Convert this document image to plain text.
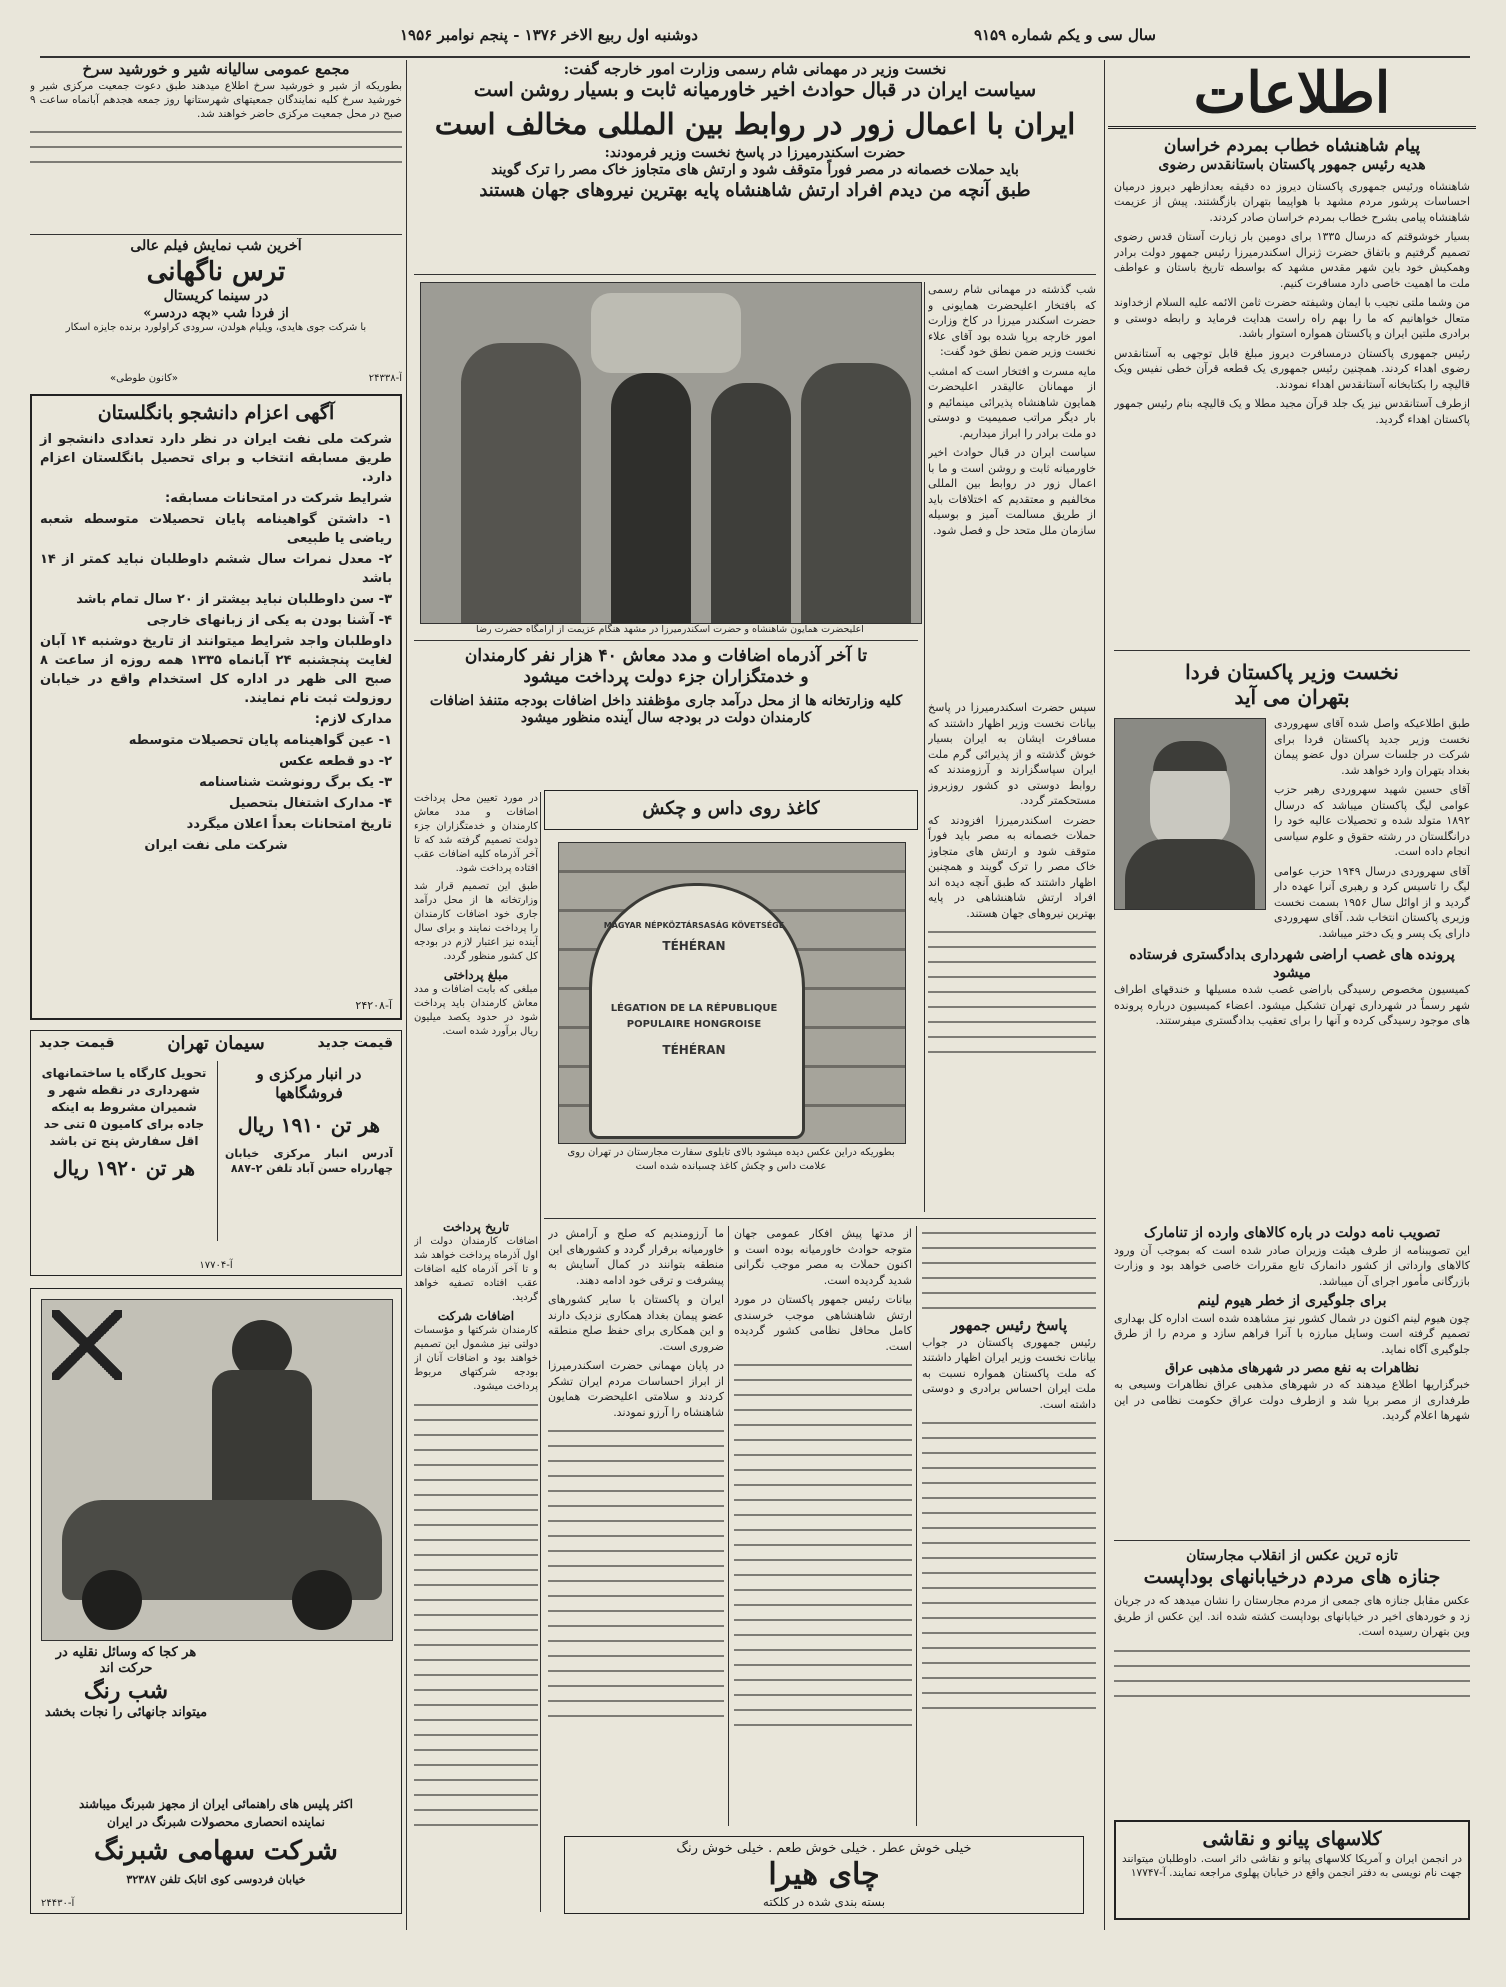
سال سی و یکم شماره ۹۱۵۹
دوشنبه اول ربیع الاخر ۱۳۷۶ - پنجم نوامبر ۱۹۵۶
اطلاعات

پیام شاهنشاه خطاب بمردم خراسان

هدیه رئیس جمهور پاکستان باستانقدس رضوی

شاهنشاه ورئیس جمهوری پاکستان دیروز ده دقیقه بعدازظهر دیروز درمیان احساسات پرشور مردم مشهد با هواپیما بتهران بازگشتند. پیش از عزیمت شاهنشاه پیامی بشرح خطاب بمردم خراسان صادر کردند.

بسیار خوشوقتم که درسال ۱۳۳۵ برای دومین بار زیارت آستان قدس رضوی تصمیم گرفتیم و باتفاق حضرت ژنرال اسکندرمیرزا رئیس جمهور دولت برادر وهمکیش خود باین شهر مقدس مشهد که بواسطه تاریخ باستان و عواطف ملت ما اهمیت خاصی دارد مسافرت کنیم.

من وشما ملتی نجیب با ایمان وشیفته حضرت ثامن الائمه علیه السلام ازخداوند متعال خواهانیم که ما را بهم راه راست هدایت فرماید و رابطه دوستی و برادری ملتین ایران و پاکستان همواره استوار باشد.

رئیس جمهوری پاکستان درمسافرت دیروز مبلغ قابل توجهی به آستانقدس رضوی اهداء کردند. همچنین رئیس جمهوری یک قطعه قرآن خطی نفیس ویک قالیچه را بکتابخانه آستانقدس اهداء نمودند.

ازطرف آستانقدس نیز یک جلد قرآن مجید مطلا و یک قالیچه بنام رئیس جمهور پاکستان اهداء گردید.

نخست وزیر پاکستان فردا

بتهران می آید

طبق اطلاعیکه واصل شده آقای سهروردی نخست وزیر جدید پاکستان فردا برای شرکت در جلسات سران دول عضو پیمان بغداد بتهران وارد خواهد شد.

آقای حسین شهید سهروردی رهبر حزب عوامی لیگ پاکستان میباشد که درسال ۱۸۹۲ متولد شده و تحصیلات عالیه خود را درانگلستان در رشته حقوق و علوم سیاسی انجام داده است.

آقای سهروردی درسال ۱۹۴۹ حزب عوامی لیگ را تاسیس کرد و رهبری آنرا عهده دار گردید و از اوائل سال ۱۹۵۶ بسمت نخست وزیری پاکستان انتخاب شد. آقای سهروردی دارای یک پسر و یک دختر میباشد.

پرونده های غصب اراضی شهرداری بدادگستری فرستاده میشود

کمیسیون مخصوص رسیدگی باراضی غصب شده مسیلها و خندقهای اطراف شهر رسماً در شهرداری تهران تشکیل میشود. اعضاء کمیسیون درباره پرونده های موجود رسیدگی کرده و آنها را برای تعقیب بدادگستری میفرستند.

تصویب نامه دولت در باره کالاهای وارده از تنامارک

این تصویبنامه از طرف هیئت وزیران صادر شده است که بموجب آن ورود کالاهای وارداتی از کشور دانمارک تابع مقررات خاصی خواهد بود و وزارت بازرگانی مأمور اجرای آن میباشد.

برای جلوگیری از خطر هیوم لینم

چون هیوم لینم اکنون در شمال کشور نیز مشاهده شده است اداره کل بهداری تصمیم گرفته است وسایل مبارزه با آنرا فراهم سازد و مردم را از طرق جلوگیری آگاه نماید.

نظاهرات به نفع مصر در شهرهای مذهبی عراق

خبرگزاریها اطلاع میدهند که در شهرهای مذهبی عراق نظاهرات وسیعی به طرفداری از مصر برپا شد و ازطرف دولت عراق حکومت نظامی در این شهرها اعلام گردید.

تازه ترین عکس از انقلاب مجارستان

جنازه های مردم درخیابانهای بوداپست

عکس مقابل جنازه های جمعی از مردم مجارستان را نشان میدهد که در جریان زد و خوردهای اخیر در خیابانهای بوداپست کشته شده اند. این عکس از طریق وین بتهران رسیده است.

کلاسهای پیانو و نقاشی

در انجمن ایران و آمریکا کلاسهای پیانو و نقاشی دائر است. داوطلبان میتوانند جهت نام نویسی به دفتر انجمن واقع در خیابان پهلوی مراجعه نمایند. آ-۱۷۷۴۷

نخست وزیر در مهمانی شام رسمی وزارت امور خارجه گفت:

سیاست ایران در قبال حوادث اخیر خاورمیانه ثابت و بسیار روشن است

ایران با اعمال زور در روابط بین المللی مخالف است

حضرت اسکندرمیرزا در پاسخ نخست وزیر فرمودند:

باید حملات خصمانه در مصر فوراً متوقف شود و ارتش های متجاوز خاک مصر را ترک گویند

طبق آنچه من دیدم افراد ارتش شاهنشاه پایه بهترین نیروهای جهان هستند

اعلیحضرت همایون شاهنشاه و حضرت اسکندرمیرزا در مشهد هنگام عزیمت از آرامگاه حضرت رضا

شب گذشته در مهمانی شام رسمی که بافتخار اعلیحضرت همایونی و حضرت اسکندر میرزا در کاخ وزارت امور خارجه برپا شده بود آقای علاء نخست وزیر ضمن نطق خود گفت:

مایه مسرت و افتخار است که امشب از مهمانان عالیقدر اعلیحضرت همایون شاهنشاه پذیرائی مینمائیم و بار دیگر مراتب صمیمیت و دوستی دو ملت برادر را ابراز میداریم.

سیاست ایران در قبال حوادث اخیر خاورمیانه ثابت و روشن است و ما با اعمال زور در روابط بین المللی مخالفیم و معتقدیم که اختلافات باید از طریق مسالمت آمیز و بوسیله سازمان ملل متحد حل و فصل شود.

تا آخر آذرماه اضافات و مدد معاش ۴۰ هزار نفر کارمندان

و خدمتگزاران جزء دولت پرداخت میشود

کلیه وزارتخانه ها از محل درآمد جاری مؤظفند داخل اضافات بودجه متنفذ اضافات کارمندان دولت در بودجه سال آینده منظور میشود

سپس حضرت اسکندرمیرزا در پاسخ بیانات نخست وزیر اظهار داشتند که مسافرت ایشان به ایران بسیار خوش گذشته و از پذیرائی گرم ملت ایران سپاسگزارند و آرزومندند که روابط دوستی دو کشور روزبروز مستحکمتر گردد.

حضرت اسکندرمیرزا افزودند که حملات خصمانه به مصر باید فوراً متوقف شود و ارتش های متجاوز خاک مصر را ترک گویند و همچنین اظهار داشتند که طبق آنچه دیده اند افراد ارتش شاهنشاهی در پایه بهترین نیروهای جهان هستند.

کاغذ روی داس و چکش

MAGYAR NÉPKÖZTÁRSASÁG KÖVETSÉGE
TÉHÉRAN
LÉGATION DE LA RÉPUBLIQUE
POPULAIRE HONGROISE
TÉHÉRAN
بطوریکه دراین عکس دیده میشود بالای تابلوی سفارت مجارستان در تهران روی علامت داس و چکش کاغذ چسبانده شده است

در مورد تعیین محل پرداخت اضافات و مدد معاش کارمندان و خدمتگزاران جزء دولت تصمیم گرفته شد که تا آخر آذرماه کلیه اضافات عقب افتاده پرداخت شود.

طبق این تصمیم قرار شد وزارتخانه ها از محل درآمد جاری خود اضافات کارمندان را پرداخت نمایند و برای سال آینده نیز اعتبار لازم در بودجه کل کشور منظور گردد.

مبلغ پرداختی

مبلغی که بابت اضافات و مدد معاش کارمندان باید پرداخت شود در حدود یکصد میلیون ریال برآورد شده است.

تاریخ پرداخت

اضافات کارمندان دولت از اول آذرماه پرداخت خواهد شد و تا آخر آذرماه کلیه اضافات عقب افتاده تصفیه خواهد گردید.

اضافات شرکت

کارمندان شرکتها و مؤسسات دولتی نیز مشمول این تصمیم خواهند بود و اضافات آنان از بودجه شرکتهای مربوط پرداخت میشود.

ما آرزومندیم که صلح و آرامش در خاورمیانه برقرار گردد و کشورهای این منطقه بتوانند در کمال آسایش به پیشرفت و ترقی خود ادامه دهند.

ایران و پاکستان با سایر کشورهای عضو پیمان بغداد همکاری نزدیک دارند و این همکاری برای حفظ صلح منطقه ضروری است.

در پایان مهمانی حضرت اسکندرمیرزا از ابراز احساسات مردم ایران تشکر کردند و سلامتی اعلیحضرت همایون شاهنشاه را آرزو نمودند.

از مدتها پیش افکار عمومی جهان متوجه حوادث خاورمیانه بوده است و اکنون حملات به مصر موجب نگرانی شدید گردیده است.

بیانات رئیس جمهور پاکستان در مورد ارتش شاهنشاهی موجب خرسندی کامل محافل نظامی کشور گردیده است.

پاسخ رئیس جمهور

رئیس جمهوری پاکستان در جواب بیانات نخست وزیر ایران اظهار داشتند که ملت پاکستان همواره نسبت به ملت ایران احساس برادری و دوستی داشته است.

خیلی خوش عطر . خیلی خوش طعم . خیلی خوش رنگ
چای هیرا
بسته بندی شده در کلکته

مجمع عمومی سالیانه شیر و خورشید سرخ

بطوریکه از شیر و خورشید سرخ اطلاع میدهند طبق دعوت جمعیت مرکزی شیر و خورشید سرخ کلیه نمایندگان جمعیتهای شهرستانها روز جمعه هجدهم آبانماه ساعت ۹ صبح در محل جمعیت مرکزی حاضر خواهند شد.

آخرین شب نمایش فیلم عالی

ترس ناگهانی

در سینما کریستال

از فردا شب «بچه دردسر»

با شرکت جوی هایدی، ویلیام هولدن، سرودی کراولورد برنده جایزه اسکار

آ-۲۴۳۳۸
«کانون طوطی»

آگهی اعزام دانشجو بانگلستان

شرکت ملی نفت ایران در نظر دارد تعدادی دانشجو از طریق مسابقه انتخاب و برای تحصیل بانگلستان اعزام دارد.

شرایط شرکت در امتحانات مسابقه:

۱- داشتن گواهینامه پایان تحصیلات متوسطه شعبه ریاضی یا طبیعی

۲- معدل نمرات سال ششم داوطلبان نباید کمتر از ۱۴ باشد

۳- سن داوطلبان نباید بیشتر از ۲۰ سال تمام باشد

۴- آشنا بودن به یکی از زبانهای خارجی

داوطلبان واجد شرایط میتوانند از تاریخ دوشنبه ۱۴ آبان لغایت پنجشنبه ۲۴ آبانماه ۱۳۳۵ همه روزه از ساعت ۸ صبح الی ظهر در اداره کل استخدام واقع در خیابان روزولت ثبت نام نمایند.

مدارک لازم:

۱- عین گواهینامه پایان تحصیلات متوسطه

۲- دو قطعه عکس

۳- یک برگ رونوشت شناسنامه

۴- مدارک اشتغال بتحصیل

تاریخ امتحانات بعداً اعلان میگردد

شرکت ملی نفت ایران

آ-۲۴۲۰۸
قیمت جدید	سیمان تهران	قیمت جدید

در انبار مرکزی و فروشگاهها

هر تن ۱۹۱۰ ریال

آدرس انبار مرکزی خیابان چهارراه حسن آباد تلفن ۲-۸۸۷

تحویل کارگاه یا ساختمانهای شهرداری در نقطه شهر و شمیران مشروط به اینکه جاده برای کامیون ۵ تنی حد اقل سفارش پنج تن باشد

هر تن ۱۹۲۰ ریال

آ-۱۷۷۰۴

هر کجا که وسائل نقلیه در حرکت اند

شب رنگ

میتواند جانهائی را نجات بخشد

اکثر پلیس های راهنمائی ایران از مجهز شبرنگ میباشند

نماینده انحصاری محصولات شبرنگ در ایران

شرکت سهامی شبرنگ

خیابان فردوسی کوی اتابک تلفن ۳۲۳۸۷

آ-۲۴۴۳۰
